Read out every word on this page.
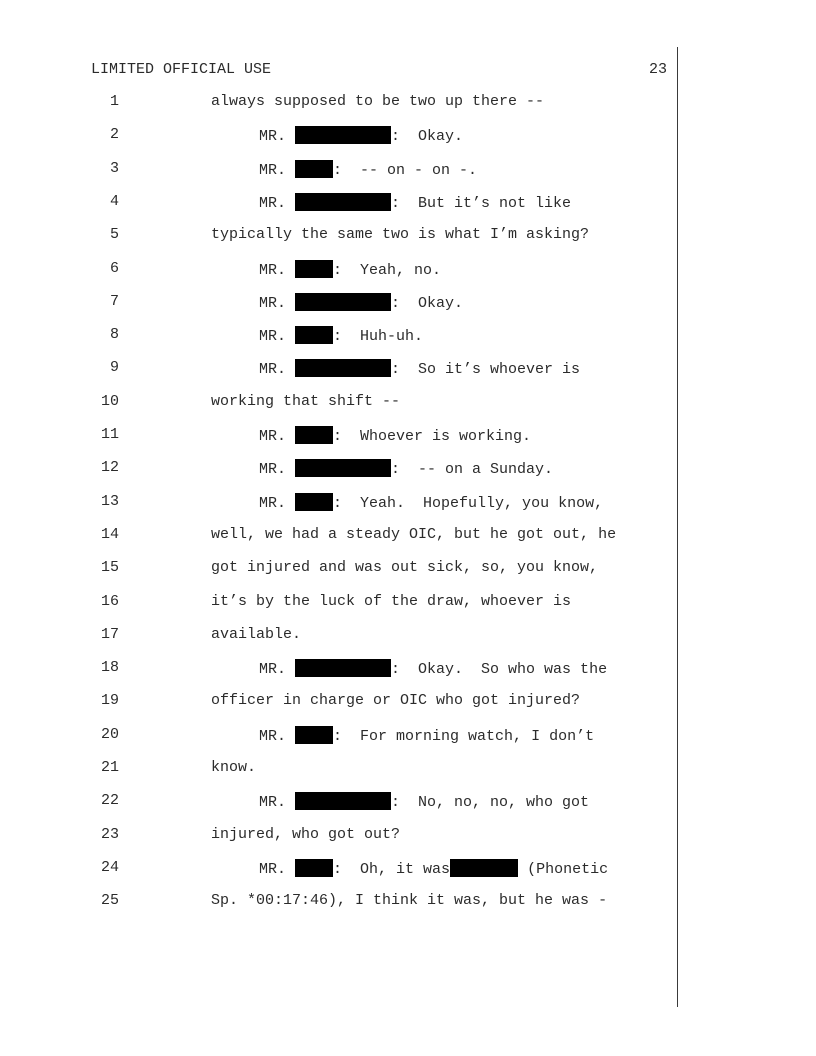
LIMITED OFFICIAL USE	23
1	always supposed to be two up there --
2	MR.	:  Okay.
3	MR.	:  -- on - on -.
4	MR.	:  But it’s not like
5	typically the same two is what I’m asking?
6	MR.	:  Yeah, no.
7	MR.	:  Okay.
8	MR.	:  Huh-uh.
9	MR.	:  So it’s whoever is
10	working that shift --
11	MR.	:  Whoever is working.
12	MR.	:  -- on a Sunday.
13	MR.	:  Yeah.  Hopefully, you know,
14	well, we had a steady OIC, but he got out, he
15	got injured and was out sick, so, you know,
16	it’s by the luck of the draw, whoever is
17	available.
18	MR.	:  Okay.  So who was the
19	officer in charge or OIC who got injured?
20	MR.	:  For morning watch, I don’t
21	know.
22	MR.	:  No, no, no, who got
23	injured, who got out?
24	MR.	:  Oh, it was	(Phonetic
25	Sp. *00:17:46), I think it was, but he was -
